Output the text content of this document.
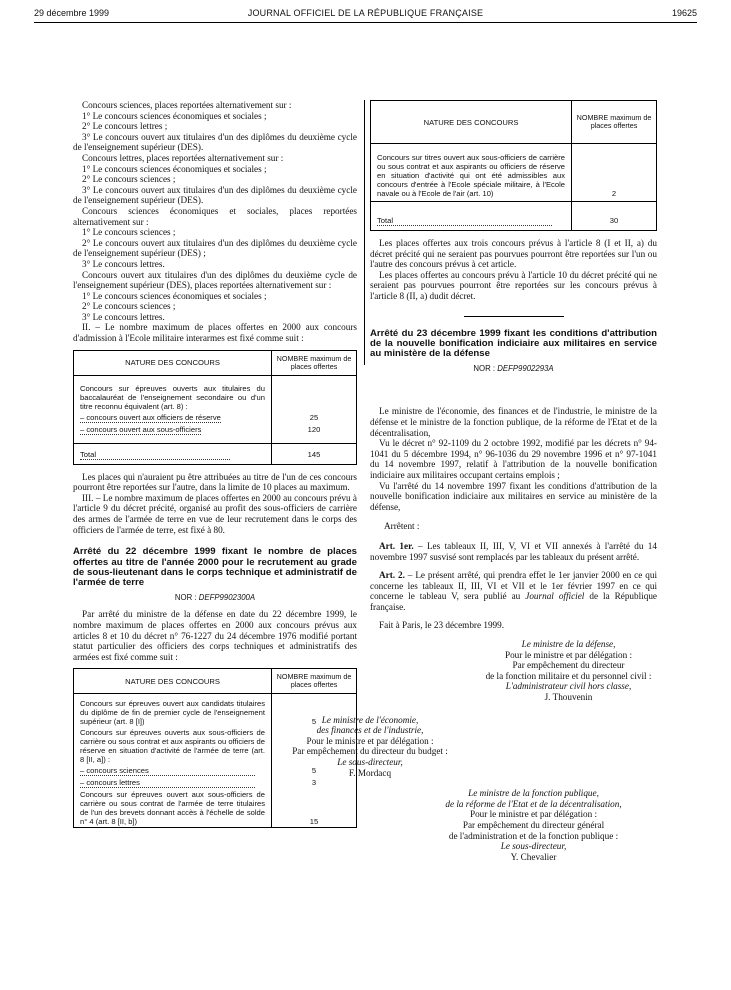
29 décembre 1999	JOURNAL OFFICIEL DE LA RÉPUBLIQUE FRANÇAISE	19625

Concours sciences, places reportées alternativement sur :

1° Le concours sciences économiques et sociales ;

2° Le concours lettres ;

3° Le concours ouvert aux titulaires d'un des diplômes du deuxième cycle de l'enseignement supérieur (DES).

Concours lettres, places reportées alternativement sur :

1° Le concours sciences économiques et sociales ;

2° Le concours sciences ;

3° Le concours ouvert aux titulaires d'un des diplômes du deuxième cycle de l'enseignement supérieur (DES).

Concours sciences économiques et sociales, places reportées alternativement sur :

1° Le concours sciences ;

2° Le concours ouvert aux titulaires d'un des diplômes du deuxième cycle de l'enseignement supérieur (DES) ;

3° Le concours lettres.

Concours ouvert aux titulaires d'un des diplômes du deuxième cycle de l'enseignement supérieur (DES), places reportées alternativement sur :

1° Le concours sciences économiques et sociales ;

2° Le concours sciences ;

3° Le concours lettres.

II. – Le nombre maximum de places offertes en 2000 aux concours d'admission à l'Ecole militaire interarmes est fixé comme suit :

NATURE DES CONCOURS	NOMBRE maximum de places offertes
Concours sur épreuves ouverts aux titulaires du baccalauréat de l'enseignement secondaire ou d'un titre reconnu équivalent (art. 8) :
– concours ouvert aux officiers de réserve	25
– concours ouvert aux sous-officiers	120
Total	145

Les places qui n'auraient pu être attribuées au titre de l'un de ces concours pourront être reportées sur l'autre, dans la limite de 10 places au maximum.

III. – Le nombre maximum de places offertes en 2000 au concours prévu à l'article 9 du décret précité, organisé au profit des sous-officiers de carrière des armes de l'armée de terre en vue de leur recrutement dans le corps des officiers de l'armée de terre, est fixé à 80.

Arrêté du 22 décembre 1999 fixant le nombre de places offertes au titre de l'année 2000 pour le recrutement au grade de sous-lieutenant dans le corps technique et administratif de l'armée de terre
NOR : DEFP9902300A

Par arrêté du ministre de la défense en date du 22 décembre 1999, le nombre maximum de places offertes en 2000 aux concours prévus aux articles 8 et 10 du décret n° 76-1227 du 24 décembre 1976 modifié portant statut particulier des officiers des corps techniques et administratifs des armées est fixé comme suit :

NATURE DES CONCOURS	NOMBRE maximum de places offertes
Concours sur épreuves ouvert aux candidats titulaires du diplôme de fin de premier cycle de l'enseignement supérieur (art. 8 [I])	5
Concours sur épreuves ouverts aux sous-officiers de carrière ou sous contrat et aux aspirants ou officiers de réserve en situation d'activité de l'armée de terre (art. 8 [II, a]) :
– concours sciences	5
– concours lettres	3
Concours sur épreuves ouvert aux sous-officiers de carrière ou sous contrat de l'armée de terre titulaires de l'un des brevets donnant accès à l'échelle de solde n° 4 (art. 8 [II, b])	15
NATURE DES CONCOURS	NOMBRE maximum de places offertes
Concours sur titres ouvert aux sous-officiers de carrière ou sous contrat et aux aspirants ou officiers de réserve en situation d'activité qui ont été admissibles aux concours d'entrée à l'Ecole spéciale militaire, à l'Ecole navale ou à l'Ecole de l'air (art. 10)	2
Total	30

Les places offertes aux trois concours prévus à l'article 8 (I et II, a) du décret précité qui ne seraient pas pourvues pourront être reportées sur l'un ou l'autre des concours prévus à cet article.

Les places offertes au concours prévu à l'article 10 du décret précité qui ne seraient pas pourvues pourront être reportées sur les concours prévus à l'article 8 (II, a) dudit décret.

Arrêté du 23 décembre 1999 fixant les conditions d'attribution de la nouvelle bonification indiciaire aux militaires en service au ministère de la défense
NOR : DEFP9902293A

Le ministre de l'économie, des finances et de l'industrie, le ministre de la défense et le ministre de la fonction publique, de la réforme de l'Etat et de la décentralisation,

Vu le décret n° 92-1109 du 2 octobre 1992, modifié par les décrets n° 94-1041 du 5 décembre 1994, n° 96-1036 du 29 novembre 1996 et n° 97-1041 du 14 novembre 1997, relatif à l'attribution de la nouvelle bonification indiciaire aux militaires occupant certains emplois ;

Vu l'arrêté du 14 novembre 1997 fixant les conditions d'attribution de la nouvelle bonification indiciaire aux militaires en service au ministère de la défense,

Arrêtent :

Art. 1er. – Les tableaux II, III, V, VI et VII annexés à l'arrêté du 14 novembre 1997 susvisé sont remplacés par les tableaux du présent arrêté.

Art. 2. – Le présent arrêté, qui prendra effet le 1er janvier 2000 en ce qui concerne les tableaux II, III, VI et VII et le 1er février 1997 en ce qui concerne le tableau V, sera publié au Journal officiel de la République française.

Fait à Paris, le 23 décembre 1999.

Le ministre de la défense,

Pour le ministre et par délégation :

Par empêchement du directeur

de la fonction militaire et du personnel civil :

L'administrateur civil hors classe,

J. Thouvenin

Le ministre de l'économie,

des finances et de l'industrie,

Pour le ministre et par délégation :

Par empêchement du directeur du budget :

Le sous-directeur,

F. Mordacq

Le ministre de la fonction publique,

de la réforme de l'Etat et de la décentralisation,

Pour le ministre et par délégation :

Par empêchement du directeur général

de l'administration et de la fonction publique :

Le sous-directeur,

Y. Chevalier
